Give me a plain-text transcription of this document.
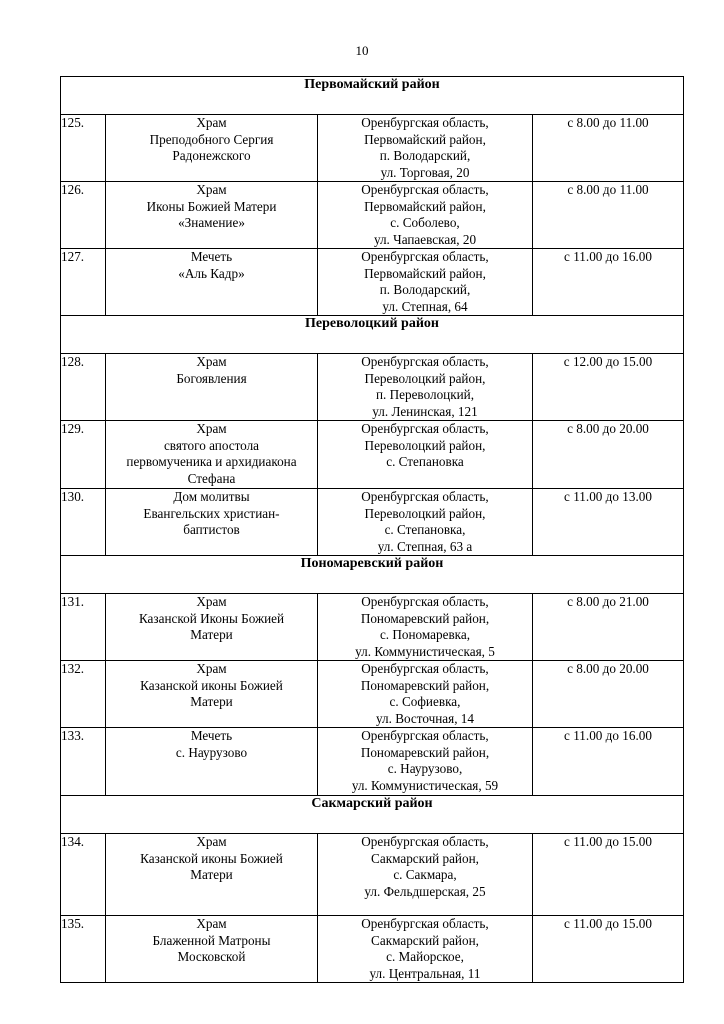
10
Первомайский район			
125.	Храм
Преподобного Сергия
Радонежского	Оренбургская область,
Первомайский район,
п. Володарский,
ул. Торговая, 20	с 8.00 до 11.00
126.	Храм
Иконы Божией Матери
«Знамение»	Оренбургская область,
Первомайский район,
с. Соболево,
ул. Чапаевская, 20	с 8.00 до 11.00
127.	Мечеть
«Аль Кадр»	Оренбургская область,
Первомайский район,
п. Володарский,
ул. Степная, 64	с 11.00 до 16.00
Переволоцкий район			
128.	Храм
Богоявления	Оренбургская область,
Переволоцкий район,
п. Переволоцкий,
ул. Ленинская, 121	с 12.00 до 15.00
129.	Храм
святого апостола
первомученика и архидиакона
Стефана	Оренбургская область,
Переволоцкий район,
с. Степановка	с 8.00 до 20.00
130.	Дом молитвы
Евангельских христиан-
баптистов	Оренбургская область,
Переволоцкий район,
с. Степановка,
ул. Степная, 63 а	с 11.00 до 13.00
Пономаревский район			
131.	Храм
Казанской Иконы Божией
Матери	Оренбургская область,
Пономаревский район,
с. Пономаревка,
ул. Коммунистическая, 5	с 8.00 до 21.00
132.	Храм
Казанской иконы Божией
Матери	Оренбургская область,
Пономаревский район,
с. Софиевка,
ул. Восточная, 14	с 8.00 до 20.00
133.	Мечеть
с. Наурузово	Оренбургская область,
Пономаревский район,
с. Наурузово,
ул. Коммунистическая, 59	с 11.00 до 16.00
Сакмарский район			
134.	Храм
Казанской иконы Божией
Матери	Оренбургская область,
Сакмарский район,
с. Сакмара,
ул. Фельдшерская, 25	с 11.00 до 15.00
135.	Храм
Блаженной Матроны
Московской	Оренбургская область,
Сакмарский район,
с. Майорское,
ул. Центральная, 11	с 11.00 до 15.00
